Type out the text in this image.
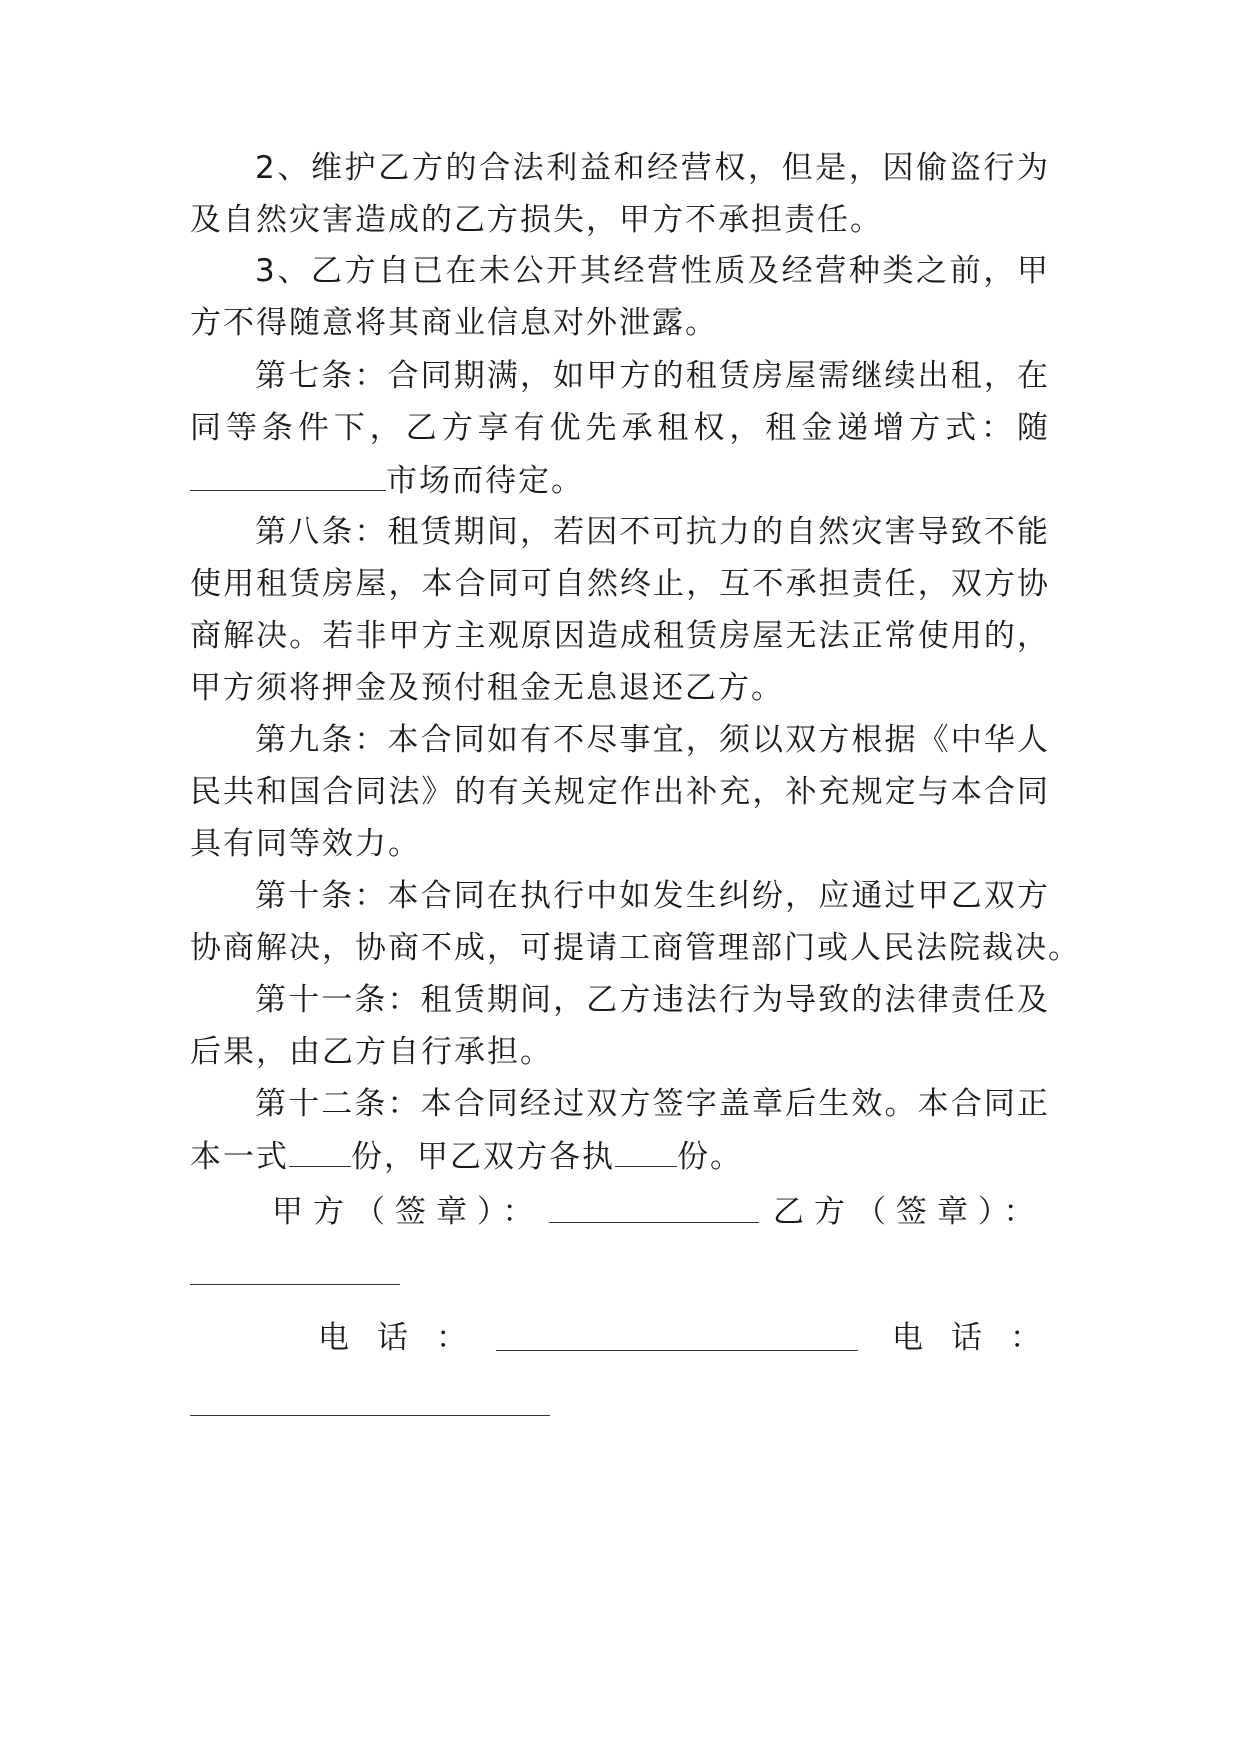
2、维护乙方的合法利益和经营权，但是，因偷盗行为
及自然灾害造成的乙方损失，甲方不承担责任。
3、乙方自已在未公开其经营性质及经营种类之前，甲
方不得随意将其商业信息对外泄露。
第七条：合同期满，如甲方的租赁房屋需继续出租，在
同等条件下，乙方享有优先承租权，租金递增方式：随
市场而待定。
第八条：租赁期间，若因不可抗力的自然灾害导致不能
使用租赁房屋，本合同可自然终止，互不承担责任，双方协
商解决。若非甲方主观原因造成租赁房屋无法正常使用的，
甲方须将押金及预付租金无息退还乙方。
第九条：本合同如有不尽事宜，须以双方根据《中华人
民共和国合同法》的有关规定作出补充，补充规定与本合同
具有同等效力。
第十条：本合同在执行中如发生纠纷，应通过甲乙双方
协商解决，协商不成，可提请工商管理部门或人民法院裁决。
第十一条：租赁期间，乙方违法行为导致的法律责任及
后果，由乙方自行承担。
第十二条：本合同经过双方签字盖章后生效。本合同正
本一式 份，甲乙双方各执 份。
甲方（签章）：	乙方（签章）：
电话：	电话：
